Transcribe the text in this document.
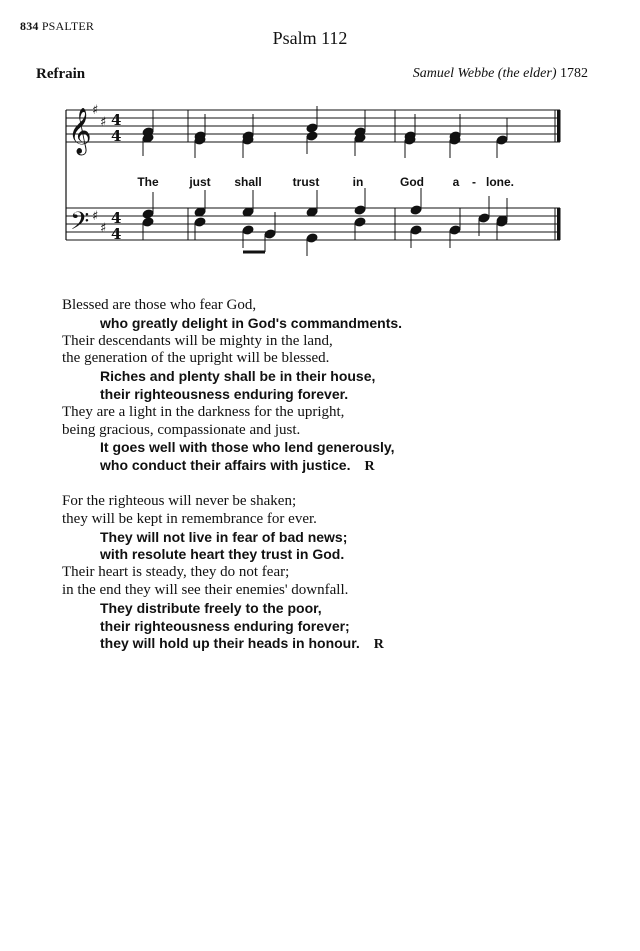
834 PSALTER
Psalm 112
Refrain	Samuel Webbe (the elder) 1782
𝄞
𝄢
♯
♯
♯
♯
4
4
4
4
The	just shall	trust	in	God a - lone.
Blessed are those who fear God,
who greatly delight in God's commandments.
Their descendants will be mighty in the land,
the generation of the upright will be blessed.
Riches and plenty shall be in their house,
their righteousness enduring forever.
They are a light in the darkness for the upright,
being gracious, compassionate and just.
It goes well with those who lend generously,
who conduct their affairs with justice. R
For the righteous will never be shaken;
they will be kept in remembrance for ever.
They will not live in fear of bad news;
with resolute heart they trust in God.
Their heart is steady, they do not fear;
in the end they will see their enemies' downfall.
They distribute freely to the poor,
their righteousness enduring forever;
they will hold up their heads in honour. R
